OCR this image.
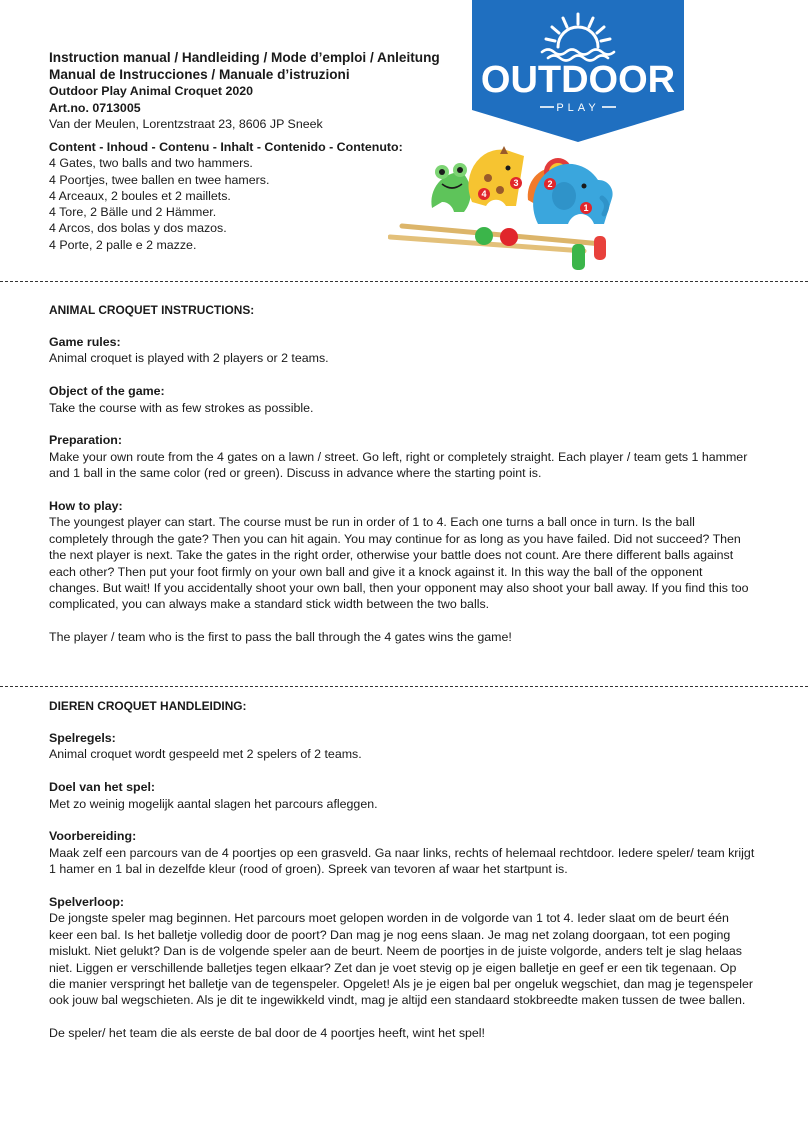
Instruction manual / Handleiding / Mode d’emploi / Anleitung

Manual de Instrucciones / Manuale d’istruzioni

Outdoor Play Animal Croquet 2020

Art.no. 0713005

Van der Meulen, Lorentzstraat 23, 8606 JP Sneek

Content - Inhoud - Contenu - Inhalt - Contenido - Contenuto:

4 Gates, two balls and two hammers.

4 Poortjes, twee ballen en twee hamers.

4 Arceaux, 2 boules et 2 maillets.

4 Tore, 2 Bälle und 2 Hämmer.

4 Arcos, dos bolas y dos mazos.

4 Porte, 2 palle e 2 mazze.

OUTDOOR
PLAY
4
3	2
1

ANIMAL CROQUET INSTRUCTIONS:

Game rules:

Animal croquet is played with 2 players or 2 teams.

Object of the game:

Take the course with as few strokes as possible.

Preparation:

Make your own route from the 4 gates on a lawn / street. Go left, right or completely straight. Each player / team gets 1 hammer and 1 ball in the same color (red or green). Discuss in advance where the starting point is.

How to play:

The youngest player can start. The course must be run in order of 1 to 4. Each one turns a ball once in turn. Is the ball completely through the gate? Then you can hit again. You may continue for as long as you have failed. Did not succeed? Then the next player is next. Take the gates in the right order, otherwise your battle does not count. Are there different balls against each other? Then put your foot firmly on your own ball and give it a knock against it. In this way the ball of the opponent changes. But wait! If you accidentally shoot your own ball, then your opponent may also shoot your ball away. If you find this too complicated, you can always make a standard stick width between the two balls.

The player / team who is the first to pass the ball through the 4 gates wins the game!

DIEREN CROQUET HANDLEIDING:

Spelregels:

Animal croquet wordt gespeeld met 2 spelers of 2 teams.

Doel van het spel:

Met zo weinig mogelijk aantal slagen het parcours afleggen.

Voorbereiding:

Maak zelf een parcours van de 4 poortjes op een grasveld. Ga naar links, rechts of helemaal rechtdoor. Iedere speler/ team krijgt 1 hamer en 1 bal in dezelfde kleur (rood of groen). Spreek van tevoren af waar het startpunt is.

Spelverloop:

De jongste speler mag beginnen. Het parcours moet gelopen worden in de volgorde van 1 tot 4. Ieder slaat om de beurt één keer een bal. Is het balletje volledig door de poort? Dan mag je nog eens slaan. Je mag net zolang doorgaan, tot een poging mislukt. Niet gelukt? Dan is de volgende speler aan de beurt. Neem de poortjes in de juiste volgorde, anders telt je slag helaas niet. Liggen er verschillende balletjes tegen elkaar? Zet dan je voet stevig op je eigen balletje en geef er een tik tegenaan. Op die manier verspringt het balletje van de tegenspeler. Opgelet! Als je je eigen bal per ongeluk wegschiet, dan mag je tegenspeler ook jouw bal wegschieten. Als je dit te ingewikkeld vindt, mag je altijd een standaard stokbreedte maken tussen de twee ballen.

De speler/ het team die als eerste de bal door de 4 poortjes heeft, wint het spel!
